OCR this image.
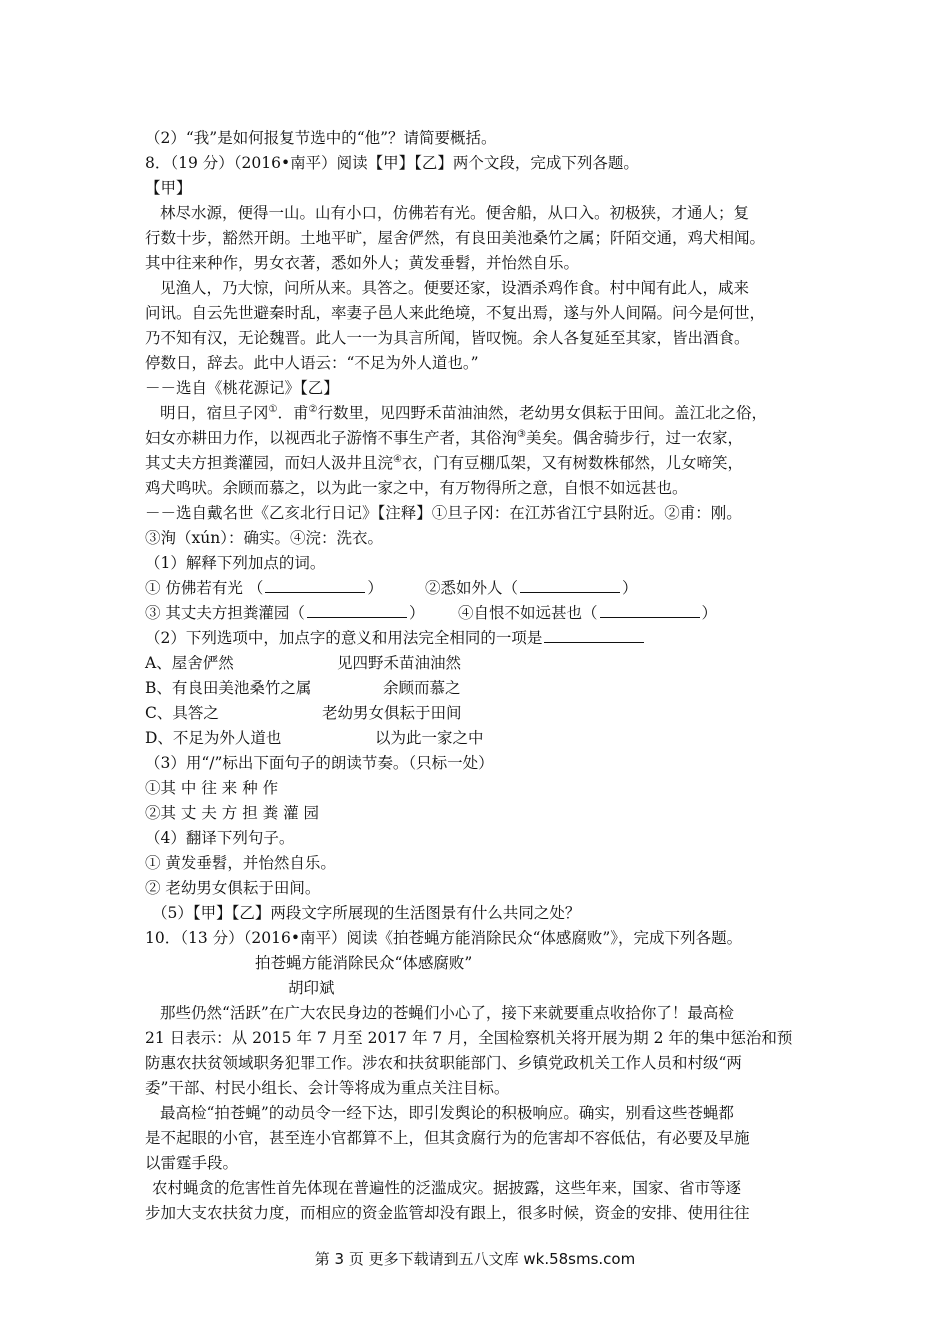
（2）“我”是如何报复节选中的“他”？请简要概括。
8．（19 分）（2016•南平）阅读【甲】【乙】两个文段，完成下列各题。
【甲】
林尽水源，便得一山。山有小口，仿佛若有光。便舍船，从口入。初极狭，才通人；复
行数十步，豁然开朗。土地平旷，屋舍俨然，有良田美池桑竹之属；阡陌交通，鸡犬相闻。
其中往来种作，男女衣著，悉如外人；黄发垂髫，并怡然自乐。
见渔人，乃大惊，问所从来。具答之。便要还家，设酒杀鸡作食。村中闻有此人，咸来
问讯。自云先世避秦时乱，率妻子邑人来此绝境，不复出焉，遂与外人间隔。问今是何世，
乃不知有汉，无论魏晋。此人一一为具言所闻，皆叹惋。余人各复延至其家，皆出酒食。
停数日，辞去。此中人语云：“不足为外人道也。”
－－选自《桃花源记》【乙】
明日，宿旦子冈①．甫②行数里，见四野禾苗油油然，老幼男女俱耘于田间。盖江北之俗，
妇女亦耕田力作，以视西北子游惰不事生产者，其俗洵③美矣。偶舍骑步行，过一农家，
其丈夫方担粪灌园，而妇人汲井且浣④衣，门有豆棚瓜架，又有树数株郁然，儿女啼笑，
鸡犬鸣吠。余顾而慕之，以为此一家之中，有万物得所之意，自恨不如远甚也。
－－选自戴名世《乙亥北行日记》【注释】①旦子冈：在江苏省江宁县附近。②甫：刚。
③洵（xún）：确实。④浣：洗衣。
（1）解释下列加点的词。
① 仿佛若有光 （	）	②悉如外人（	）
③ 其丈夫方担粪灌园（	） ④自恨不如远甚也（	）
（2）下列选项中，加点字的意义和用法完全相同的一项是
A、屋舍俨然	见四野禾苗油油然
B、有良田美池桑竹之属	余顾而慕之
C、具答之	老幼男女俱耘于田间
D、不足为外人道也	以为此一家之中
（3）用“/”标出下面句子的朗读节奏。（只标一处）
①其 中 往 来 种 作
②其 丈 夫 方 担 粪 灌 园
（4）翻译下列句子。
① 黄发垂髫，并怡然自乐。
② 老幼男女俱耘于田间。
（5）【甲】【乙】两段文字所展现的生活图景有什么共同之处？
10．（13 分）（2016•南平）阅读《拍苍蝇方能消除民众“体感腐败”》，完成下列各题。
拍苍蝇方能消除民众“体感腐败”
胡印斌
那些仍然“活跃”在广大农民身边的苍蝇们小心了，接下来就要重点收拾你了！最高检
21 日表示：从 2015 年 7 月至 2017 年 7 月，全国检察机关将开展为期 2 年的集中惩治和预
防惠农扶贫领域职务犯罪工作。涉农和扶贫职能部门、乡镇党政机关工作人员和村级“两
委”干部、村民小组长、会计等将成为重点关注目标。
最高检“拍苍蝇”的动员令一经下达，即引发舆论的积极响应。确实，别看这些苍蝇都
是不起眼的小官，甚至连小官都算不上，但其贪腐行为的危害却不容低估，有必要及早施
以雷霆手段。
农村蝇贪的危害性首先体现在普遍性的泛滥成灾。据披露，这些年来，国家、省市等逐
步加大支农扶贫力度，而相应的资金监管却没有跟上，很多时候，资金的安排、使用往往
第 3 页 更多下载请到五八文库 wk.58sms.com
